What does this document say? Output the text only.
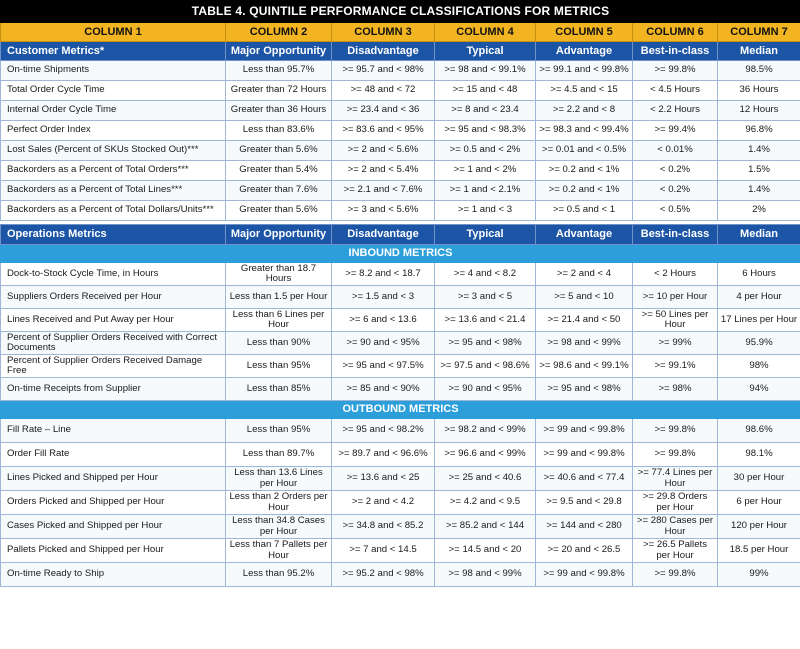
TABLE 4. QUINTILE PERFORMANCE CLASSIFICATIONS FOR METRICS						
COLUMN 1	COLUMN 2	COLUMN 3	COLUMN 4	COLUMN 5	COLUMN 6	COLUMN 7
Customer Metrics*	Major Opportunity	Disadvantage	Typical	Advantage	Best-in-class	Median
On-time Shipments	Less than 95.7%	>= 95.7 and < 98%	>= 98 and < 99.1%	>= 99.1 and < 99.8%	>= 99.8%	98.5%
Total Order Cycle Time	Greater than 72 Hours	>= 48 and < 72	>= 15 and < 48	>= 4.5 and < 15	< 4.5 Hours	36 Hours
Internal Order Cycle Time	Greater than 36 Hours	>= 23.4 and < 36	>= 8 and < 23.4	>= 2.2 and < 8	< 2.2 Hours	12 Hours
Perfect Order Index	Less than 83.6%	>= 83.6 and < 95%	>= 95 and < 98.3%	>= 98.3 and < 99.4%	>= 99.4%	96.8%
Lost Sales (Percent of SKUs Stocked Out)***	Greater than 5.6%	>= 2 and < 5.6%	>= 0.5 and < 2%	>= 0.01 and < 0.5%	< 0.01%	1.4%
Backorders as a Percent of Total Orders***	Greater than 5.4%	>= 2 and < 5.4%	>= 1 and < 2%	>= 0.2 and < 1%	< 0.2%	1.5%
Backorders as a Percent of Total Lines***	Greater than 7.6%	>= 2.1 and < 7.6%	>= 1 and < 2.1%	>= 0.2 and < 1%	< 0.2%	1.4%
Backorders as a Percent of Total Dollars/Units***	Greater than 5.6%	>= 3 and < 5.6%	>= 1 and < 3	>= 0.5 and < 1	< 0.5%	2%

Operations Metrics	Major Opportunity	Disadvantage	Typical	Advantage	Best-in-class	Median
INBOUND METRICS						
Dock-to-Stock Cycle Time, in Hours	Greater than 18.7 Hours	>= 8.2 and < 18.7	>= 4 and < 8.2	>= 2 and < 4	< 2 Hours	6 Hours
Suppliers Orders Received per Hour	Less than 1.5 per Hour	>= 1.5 and < 3	>= 3 and < 5	>= 5 and < 10	>= 10 per Hour	4 per Hour
Lines Received and Put Away per Hour	Less than 6 Lines per Hour	>= 6 and < 13.6	>= 13.6 and < 21.4	>= 21.4 and < 50	>= 50 Lines per Hour	17 Lines per Hour
Percent of Supplier Orders Received with Correct Documents	Less than 90%	>= 90 and < 95%	>= 95 and < 98%	>= 98 and < 99%	>= 99%	95.9%
Percent of Supplier Orders Received Damage Free	Less than 95%	>= 95 and < 97.5%	>= 97.5 and < 98.6%	>= 98.6 and < 99.1%	>= 99.1%	98%
On-time Receipts from Supplier	Less than 85%	>= 85 and < 90%	>= 90 and < 95%	>= 95 and < 98%	>= 98%	94%
OUTBOUND METRICS						
Fill Rate – Line	Less than 95%	>= 95 and < 98.2%	>= 98.2 and < 99%	>= 99 and < 99.8%	>= 99.8%	98.6%
Order Fill Rate	Less than 89.7%	>= 89.7 and < 96.6%	>= 96.6 and < 99%	>= 99 and < 99.8%	>= 99.8%	98.1%
Lines Picked and Shipped per Hour	Less than 13.6 Lines per Hour	>= 13.6 and < 25	>= 25 and < 40.6	>= 40.6 and < 77.4	>= 77.4 Lines per Hour	30 per Hour
Orders Picked and Shipped per Hour	Less than 2 Orders per Hour	>= 2 and < 4.2	>= 4.2 and < 9.5	>= 9.5 and < 29.8	>= 29.8 Orders per Hour	6 per Hour
Cases Picked and Shipped per Hour	Less than 34.8 Cases per Hour	>= 34.8 and < 85.2	>= 85.2 and < 144	>= 144 and < 280	>= 280 Cases per Hour	120 per Hour
Pallets Picked and Shipped per Hour	Less than 7 Pallets per Hour	>= 7 and < 14.5	>= 14.5 and < 20	>= 20 and < 26.5	>= 26.5 Pallets per Hour	18.5 per Hour
On-time Ready to Ship	Less than 95.2%	>= 95.2 and < 98%	>= 98 and < 99%	>= 99 and < 99.8%	>= 99.8%	99%
